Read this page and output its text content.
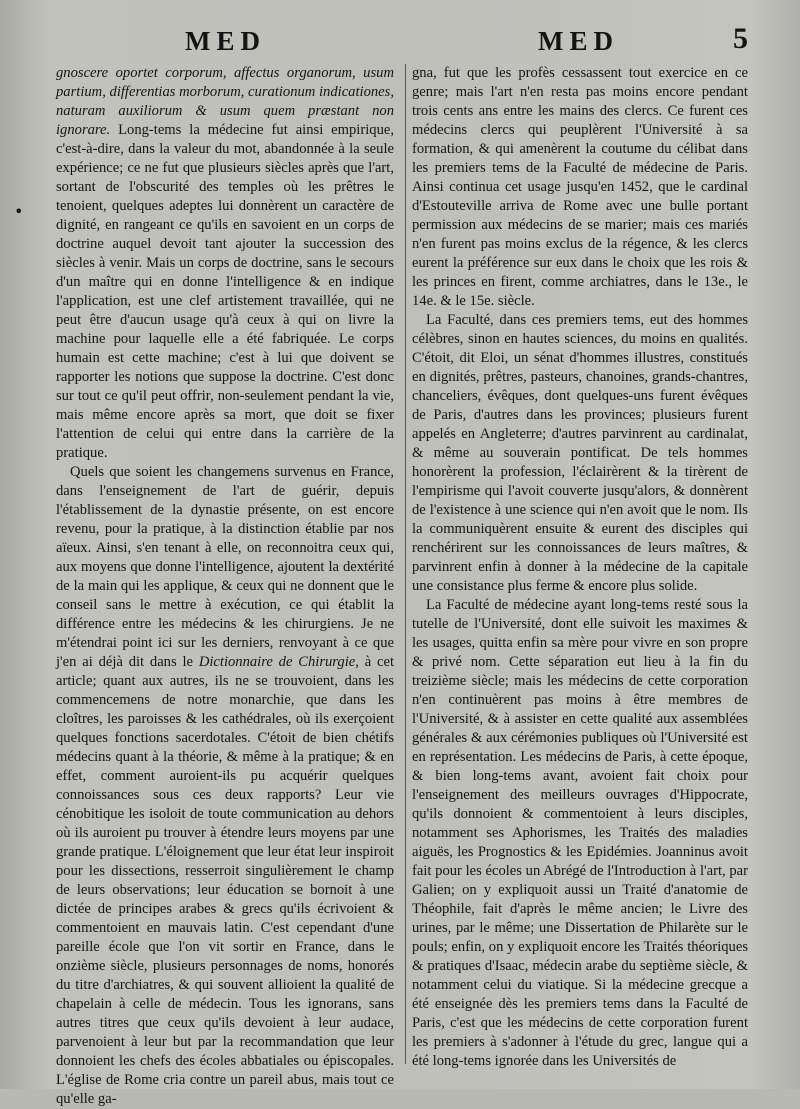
MED	MED	5
•

gnoscere oportet corporum, affectus organorum, usum partium, differentias morborum, curationum indicationes, naturam auxiliorum & usum quem præstant non ignorare. Long-tems la médecine fut ainsi empirique, c'est-à-dire, dans la valeur du mot, abandonnée à la seule expérience; ce ne fut que plusieurs siècles après que l'art, sortant de l'obscurité des temples où les prêtres le tenoient, quelques adeptes lui donnèrent un caractère de dignité, en rangeant ce qu'ils en savoient en un corps de doctrine auquel devoit tant ajouter la succession des siècles à venir. Mais un corps de doctrine, sans le secours d'un maître qui en donne l'intelligence & en indique l'application, est une clef artistement travaillée, qui ne peut être d'aucun usage qu'à ceux à qui on livre la machine pour laquelle elle a été fabriquée. Le corps humain est cette machine; c'est à lui que doivent se rapporter les notions que suppose la doctrine. C'est donc sur tout ce qu'il peut offrir, non-seulement pendant la vie, mais même encore après sa mort, que doit se fixer l'attention de celui qui entre dans la carrière de la pratique.

Quels que soient les changemens survenus en France, dans l'enseignement de l'art de guérir, depuis l'établissement de la dynastie présente, on est encore revenu, pour la pratique, à la distinction établie par nos aïeux. Ainsi, s'en tenant à elle, on reconnoitra ceux qui, aux moyens que donne l'intelligence, ajoutent la dextérité de la main qui les applique, & ceux qui ne donnent que le conseil sans le mettre à exécution, ce qui établit la différence entre les médecins & les chirurgiens. Je ne m'étendrai point ici sur les derniers, renvoyant à ce que j'en ai déjà dit dans le Dictionnaire de Chirurgie, à cet article; quant aux autres, ils ne se trouvoient, dans les commencemens de notre monarchie, que dans les cloîtres, les paroisses & les cathédrales, où ils exerçoient quelques fonctions sacerdotales. C'étoit de bien chétifs médecins quant à la théorie, & même à la pratique; & en effet, comment auroient-ils pu acquérir quelques connoissances sous ces deux rapports? Leur vie cénobitique les isoloit de toute communication au dehors où ils auroient pu trouver à étendre leurs moyens par une grande pratique. L'éloignement que leur état leur inspiroit pour les dissections, resserroit singulièrement le champ de leurs observations; leur éducation se bornoit à une dictée de principes arabes & grecs qu'ils écrivoient & commentoient en mauvais latin. C'est cependant d'une pareille école que l'on vit sortir en France, dans le onzième siècle, plusieurs personnages de noms, honorés du titre d'archiatres, & qui souvent allioient la qualité de chapelain à celle de médecin. Tous les ignorans, sans autres titres que ceux qu'ils devoient à leur audace, parvenoient à leur but par la recommandation que leur donnoient les chefs des écoles abbatiales ou épiscopales. L'église de Rome cria contre un pareil abus, mais tout ce qu'elle ga-

gna, fut que les profès cessassent tout exercice en ce genre; mais l'art n'en resta pas moins encore pendant trois cents ans entre les mains des clercs. Ce furent ces médecins clercs qui peuplèrent l'Université à sa formation, & qui amenèrent la coutume du célibat dans les premiers tems de la Faculté de médecine de Paris. Ainsi continua cet usage jusqu'en 1452, que le cardinal d'Estouteville arriva de Rome avec une bulle portant permission aux médecins de se marier; mais ces mariés n'en furent pas moins exclus de la régence, & les clercs eurent la préférence sur eux dans le choix que les rois & les princes en firent, comme archiatres, dans le 13e., le 14e. & le 15e. siècle.

La Faculté, dans ces premiers tems, eut des hommes célèbres, sinon en hautes sciences, du moins en qualités. C'étoit, dit Eloi, un sénat d'hommes illustres, constitués en dignités, prêtres, pasteurs, chanoines, grands-chantres, chanceliers, évêques, dont quelques-uns furent évêques de Paris, d'autres dans les provinces; plusieurs furent appelés en Angleterre; d'autres parvinrent au cardinalat, & même au souverain pontificat. De tels hommes honorèrent la profession, l'éclairèrent & la tirèrent de l'empirisme qui l'avoit couverte jusqu'alors, & donnèrent de l'existence à une science qui n'en avoit que le nom. Ils la communiquèrent ensuite & eurent des disciples qui renchérirent sur les connoissances de leurs maîtres, & parvinrent enfin à donner à la médecine de la capitale une consistance plus ferme & encore plus solide.

La Faculté de médecine ayant long-tems resté sous la tutelle de l'Université, dont elle suivoit les maximes & les usages, quitta enfin sa mère pour vivre en son propre & privé nom. Cette séparation eut lieu à la fin du treizième siècle; mais les médecins de cette corporation n'en continuèrent pas moins à être membres de l'Université, & à assister en cette qualité aux assemblées générales & aux cérémonies publiques où l'Université est en représentation. Les médecins de Paris, à cette époque, & bien long-tems avant, avoient fait choix pour l'enseignement des meilleurs ouvrages d'Hippocrate, qu'ils donnoient & commentoient à leurs disciples, notamment ses Aphorismes, les Traités des maladies aiguës, les Prognostics & les Epidémies. Joanninus avoit fait pour les écoles un Abrégé de l'Introduction à l'art, par Galien; on y expliquoit aussi un Traité d'anatomie de Théophile, fait d'après le même ancien; le Livre des urines, par le même; une Dissertation de Philarète sur le pouls; enfin, on y expliquoit encore les Traités théoriques & pratiques d'Isaac, médecin arabe du septième siècle, & notamment celui du viatique. Si la médecine grecque a été enseignée dès les premiers tems dans la Faculté de Paris, c'est que les médecins de cette corporation furent les premiers à s'adonner à l'étude du grec, langue qui a été long-tems ignorée dans les Universités de
